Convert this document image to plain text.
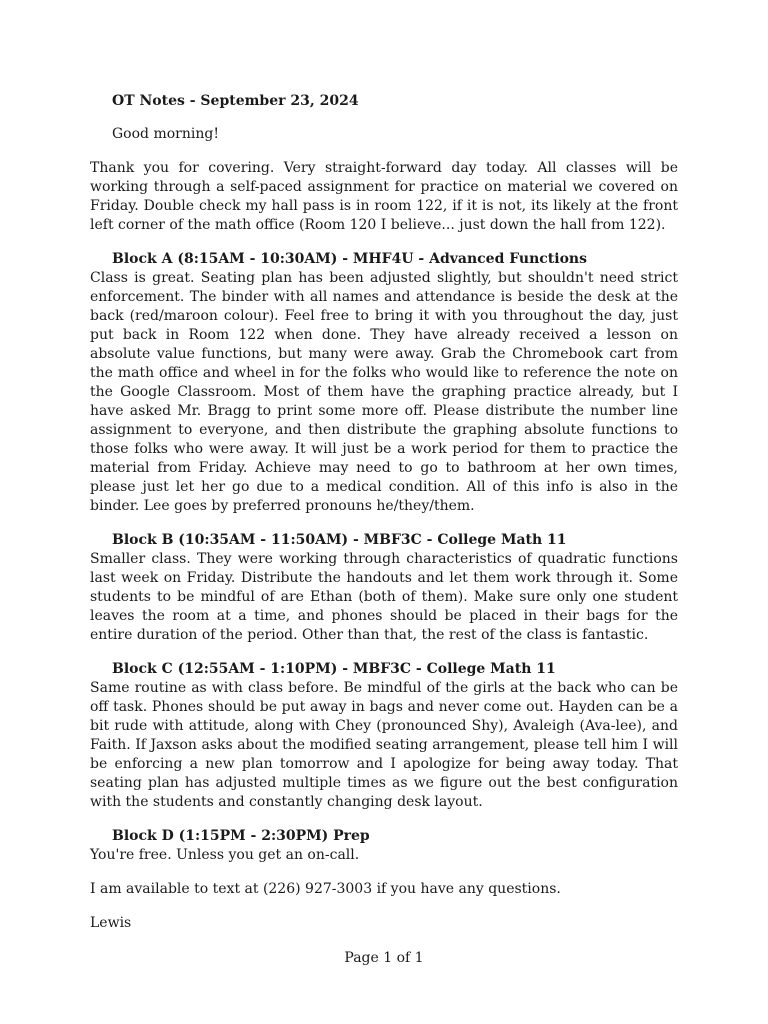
OT Notes - September 23, 2024

Good morning!

Thank you for covering. Very straight-forward day today. All classes will be working through a self-paced assignment for practice on material we covered on Friday. Double check my hall pass is in room 122, if it is not, its likely at the front left corner of the math office (Room 120 I believe... just down the hall from 122).

Block A (8:15AM - 10:30AM) - MHF4U - Advanced Functions

Class is great. Seating plan has been adjusted slightly, but shouldn't need strict enforcement. The binder with all names and attendance is beside the desk at the back (red/maroon colour). Feel free to bring it with you throughout the day, just put back in Room 122 when done. They have already received a lesson on absolute value functions, but many were away. Grab the Chromebook cart from the math office and wheel in for the folks who would like to reference the note on the Google Classroom. Most of them have the graphing practice already, but I have asked Mr. Bragg to print some more off. Please distribute the number line assignment to everyone, and then distribute the graphing absolute functions to those folks who were away. It will just be a work period for them to practice the material from Friday. Achieve may need to go to bathroom at her own times, please just let her go due to a medical condition. All of this info is also in the binder. Lee goes by preferred pronouns he/they/them.

Block B (10:35AM - 11:50AM) - MBF3C - College Math 11

Smaller class. They were working through characteristics of quadratic functions last week on Friday. Distribute the handouts and let them work through it. Some students to be mindful of are Ethan (both of them). Make sure only one student leaves the room at a time, and phones should be placed in their bags for the entire duration of the period. Other than that, the rest of the class is fantastic.

Block C (12:55AM - 1:10PM) - MBF3C - College Math 11

Same routine as with class before. Be mindful of the girls at the back who can be off task. Phones should be put away in bags and never come out. Hayden can be a bit rude with attitude, along with Chey (pronounced Shy), Avaleigh (Ava-lee), and Faith. If Jaxson asks about the modified seating arrangement, please tell him I will be enforcing a new plan tomorrow and I apologize for being away today. That seating plan has adjusted multiple times as we figure out the best configuration with the students and constantly changing desk layout.

Block D (1:15PM - 2:30PM) Prep

You're free. Unless you get an on-call.

I am available to text at (226) 927-3003 if you have any questions.

Lewis

Page 1 of 1
